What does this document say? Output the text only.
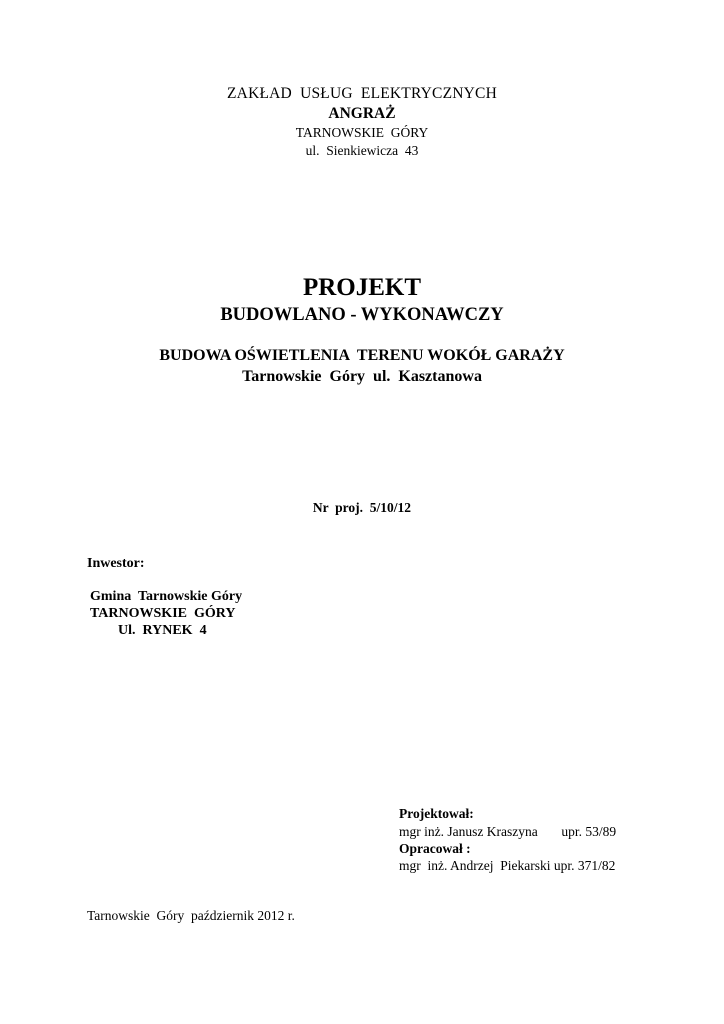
ZAKŁAD  USŁUG  ELEKTRYCZNYCH
ANGRAŻ
TARNOWSKIE  GÓRY
ul.  Sienkiewicza  43
PROJEKT
BUDOWLANO - WYKONAWCZY
BUDOWA OŚWIETLENIA  TERENU WOKÓŁ GARAŻY
Tarnowskie  Góry  ul.  Kasztanowa
Nr  proj.  5/10/12
Inwestor:
Gmina  Tarnowskie Góry
TARNOWSKIE  GÓRY
Ul.  RYNEK  4
Projektował:
mgr inż. Janusz Kraszyna       upr. 53/89
Opracował :
mgr  inż. Andrzej  Piekarski upr. 371/82
Tarnowskie  Góry  październik 2012 r.
